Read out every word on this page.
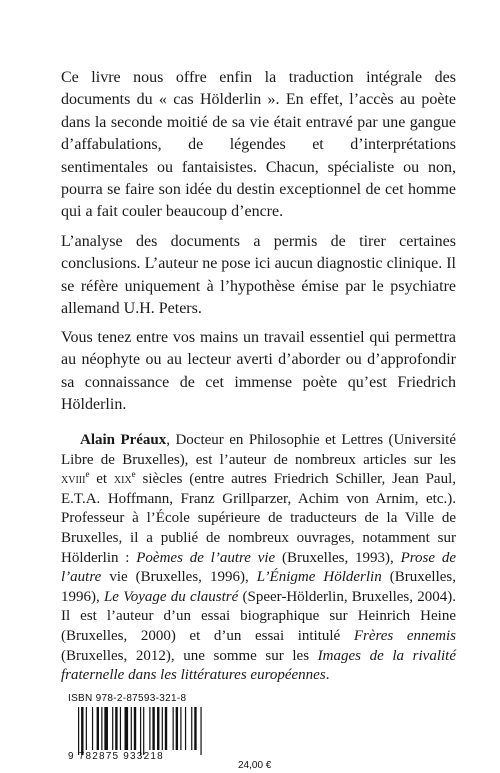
Ce livre nous offre enfin la traduction intégrale des documents du « cas Hölderlin ». En effet, l’accès au poète dans la seconde moitié de sa vie était entravé par une gangue d’affabulations, de légendes et d’interprétations sentimentales ou fantaisistes. Chacun, spécialiste ou non, pourra se faire son idée du destin exceptionnel de cet homme qui a fait couler beaucoup d’encre.

L’analyse des documents a permis de tirer certaines conclusions. L’auteur ne pose ici aucun diagnostic clinique. Il se réfère uniquement à l’hypothèse émise par le psychiatre allemand U.H. Peters.

Vous tenez entre vos mains un travail essentiel qui permettra au néophyte ou au lecteur averti d’aborder ou d’approfondir sa connaissance de cet immense poète qu’est Friedrich Hölderlin.

Alain Préaux, Docteur en Philosophie et Lettres (Université Libre de Bruxelles), est l’auteur de nombreux articles sur les xviii$^e$ et xix$^e$ siècles (entre autres Friedrich Schiller, Jean Paul, E.T.A. Hoffmann, Franz Grillparzer, Achim von Arnim, etc.). Professeur à l’École supérieure de traducteurs de la Ville de Bruxelles, il a publié de nombreux ouvrages, notamment sur Hölderlin : Poèmes de l’autre vie (Bruxelles, 1993), Prose de l’autre vie (Bruxelles, 1996), L’Énigme Hölderlin (Bruxelles, 1996), Le Voyage du claustré (Speer-Hölderlin, Bruxelles, 2004). Il est l’auteur d’un essai biographique sur Heinrich Heine (Bruxelles, 2000) et d’un essai intitulé Frères ennemis (Bruxelles, 2012), une somme sur les Images de la rivalité fraternelle dans les littératures européennes.

ISBN 978-2-87593-321-8
9 782875 933218
24,00 €
